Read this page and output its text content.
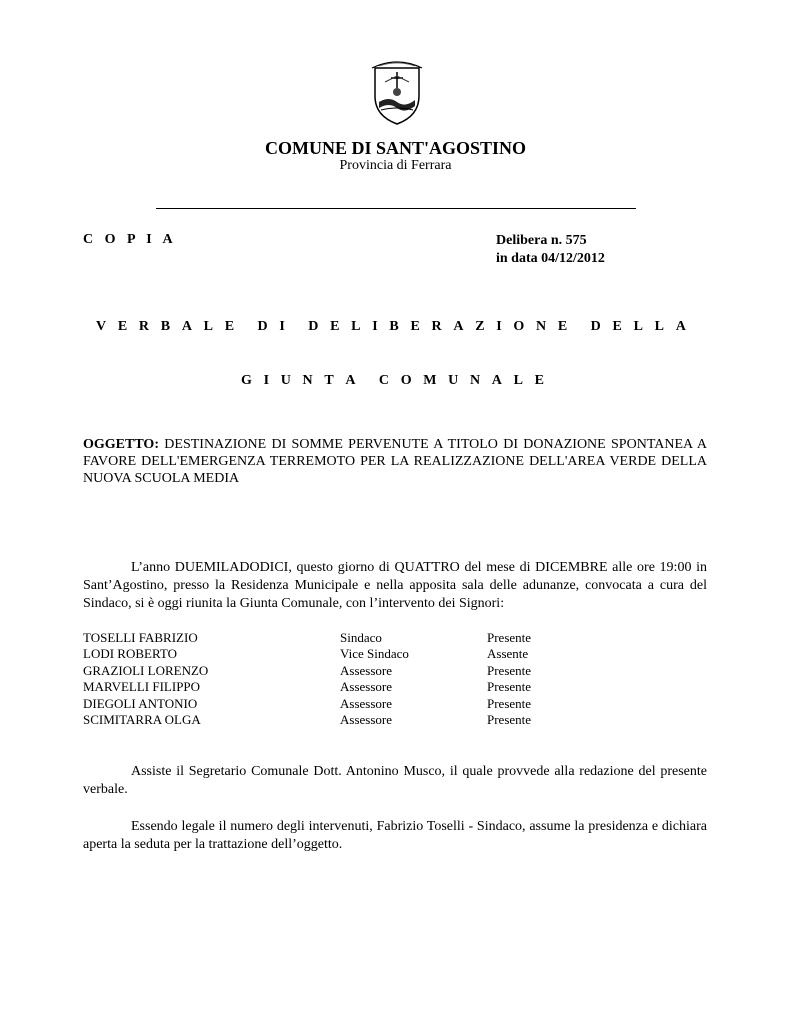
COMUNE DI SANT'AGOSTINO
Provincia di Ferrara
C O P I A	Delibera n. 575
in data 04/12/2012
V E R B A L E D I D E L I B E R A Z I O N E D E L L A
G I U N T A C O M U N A L E
OGGETTO: DESTINAZIONE DI SOMME PERVENUTE A TITOLO DI DONAZIONE SPONTANEA A FAVORE DELL'EMERGENZA TERREMOTO PER LA REALIZZAZIONE DELL'AREA VERDE DELLA NUOVA SCUOLA MEDIA
L’anno DUEMILADODICI, questo giorno di QUATTRO del mese di DICEMBRE alle ore 19:00 in Sant’Agostino, presso la Residenza Municipale e nella apposita sala delle adunanze, convocata a cura del Sindaco, si è oggi riunita la Giunta Comunale, con l’intervento dei Signori:
TOSELLI FABRIZIO	Sindaco	Presente
LODI ROBERTO	Vice Sindaco	Assente
GRAZIOLI LORENZO	Assessore	Presente
MARVELLI FILIPPO	Assessore	Presente
DIEGOLI ANTONIO	Assessore	Presente
SCIMITARRA OLGA	Assessore	Presente
Assiste il Segretario Comunale Dott. Antonino Musco, il quale provvede alla redazione del presente verbale.
Essendo legale il numero degli intervenuti, Fabrizio Toselli - Sindaco, assume la presidenza e dichiara aperta la seduta per la trattazione dell’oggetto.
